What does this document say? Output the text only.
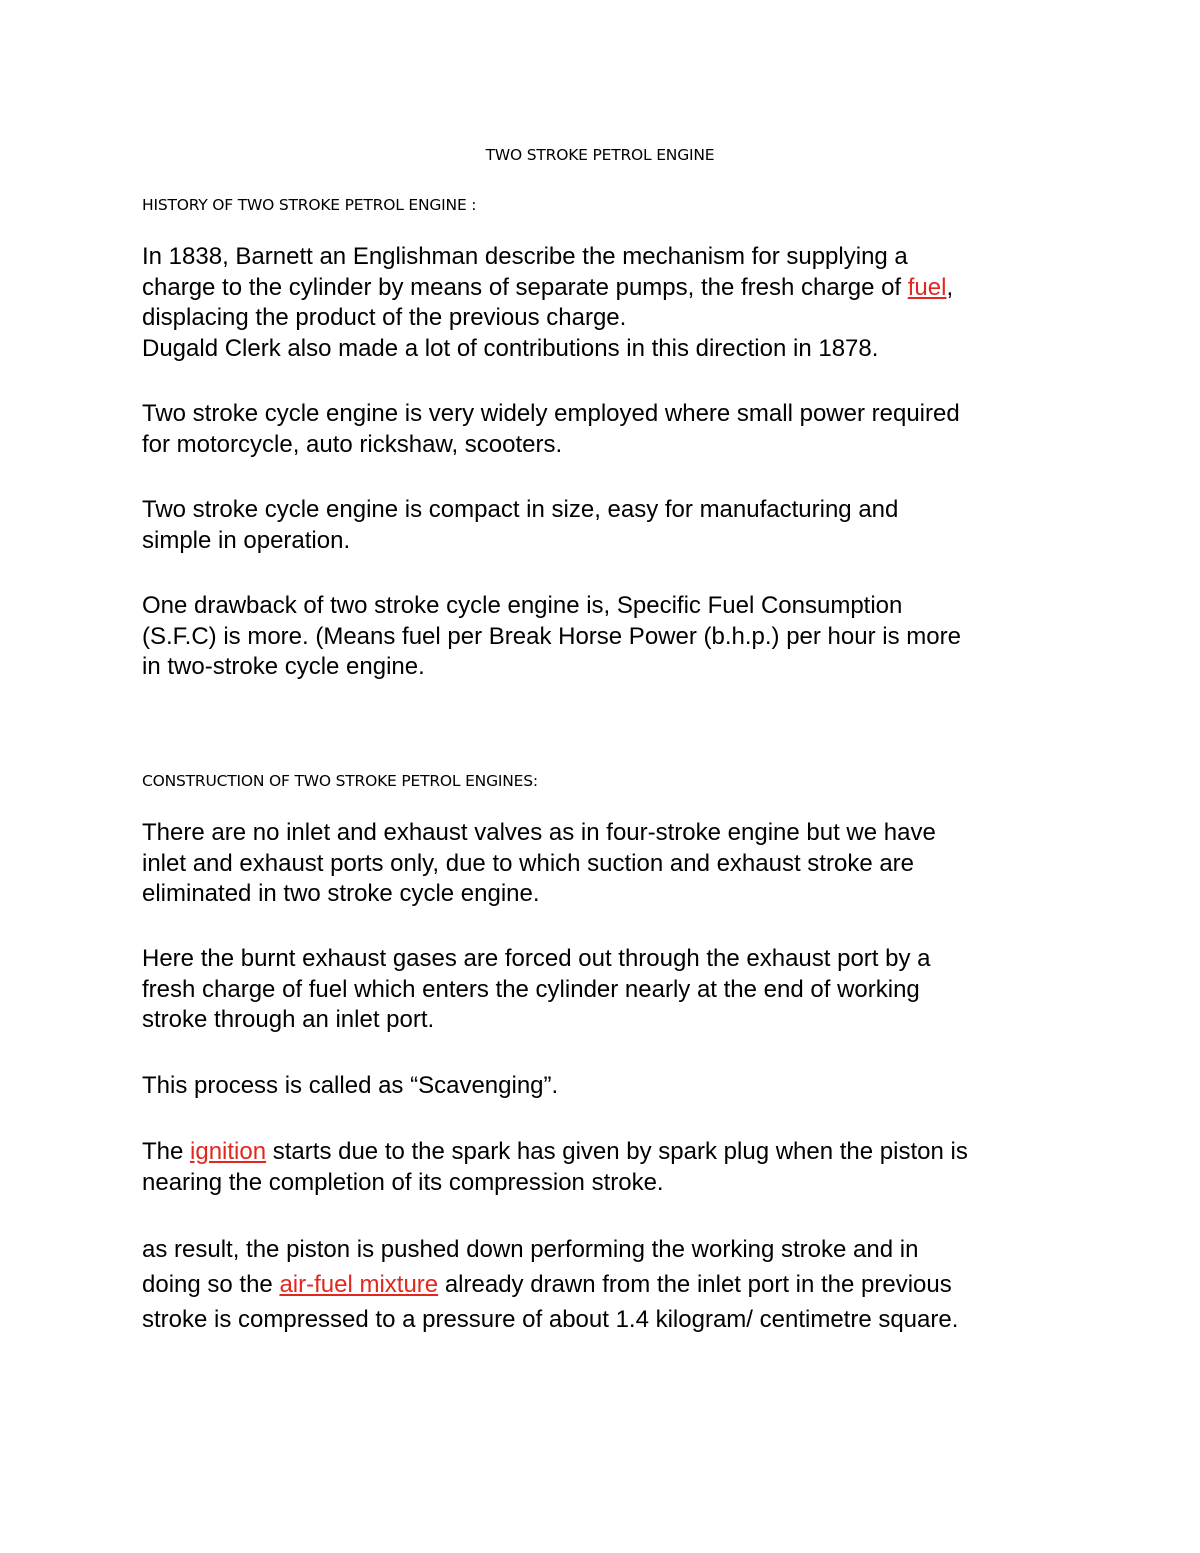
TWO STROKE PETROL ENGINE
HISTORY OF TWO STROKE PETROL ENGINE :
In 1838, Barnett an Englishman describe the mechanism for supplying a
charge to the cylinder by means of separate pumps, the fresh charge of fuel,
displacing the product of the previous charge.
Dugald Clerk also made a lot of contributions in this direction in 1878.
Two stroke cycle engine is very widely employed where small power required
for motorcycle, auto rickshaw, scooters.
Two stroke cycle engine is compact in size, easy for manufacturing and
simple in operation.
One drawback of two stroke cycle engine is, Specific Fuel Consumption
(S.F.C) is more. (Means fuel per Break Horse Power (b.h.p.) per hour is more
in two-stroke cycle engine.
CONSTRUCTION OF TWO STROKE PETROL ENGINES:
There are no inlet and exhaust valves as in four-stroke engine but we have
inlet and exhaust ports only, due to which suction and exhaust stroke are
eliminated in two stroke cycle engine.
Here the burnt exhaust gases are forced out through the exhaust port by a
fresh charge of fuel which enters the cylinder nearly at the end of working
stroke through an inlet port.
This process is called as “Scavenging”.
The ignition starts due to the spark has given by spark plug when the piston is
nearing the completion of its compression stroke.
as result, the piston is pushed down performing the working stroke and in
doing so the air-fuel mixture already drawn from the inlet port in the previous
stroke is compressed to a pressure of about 1.4 kilogram/ centimetre square.
